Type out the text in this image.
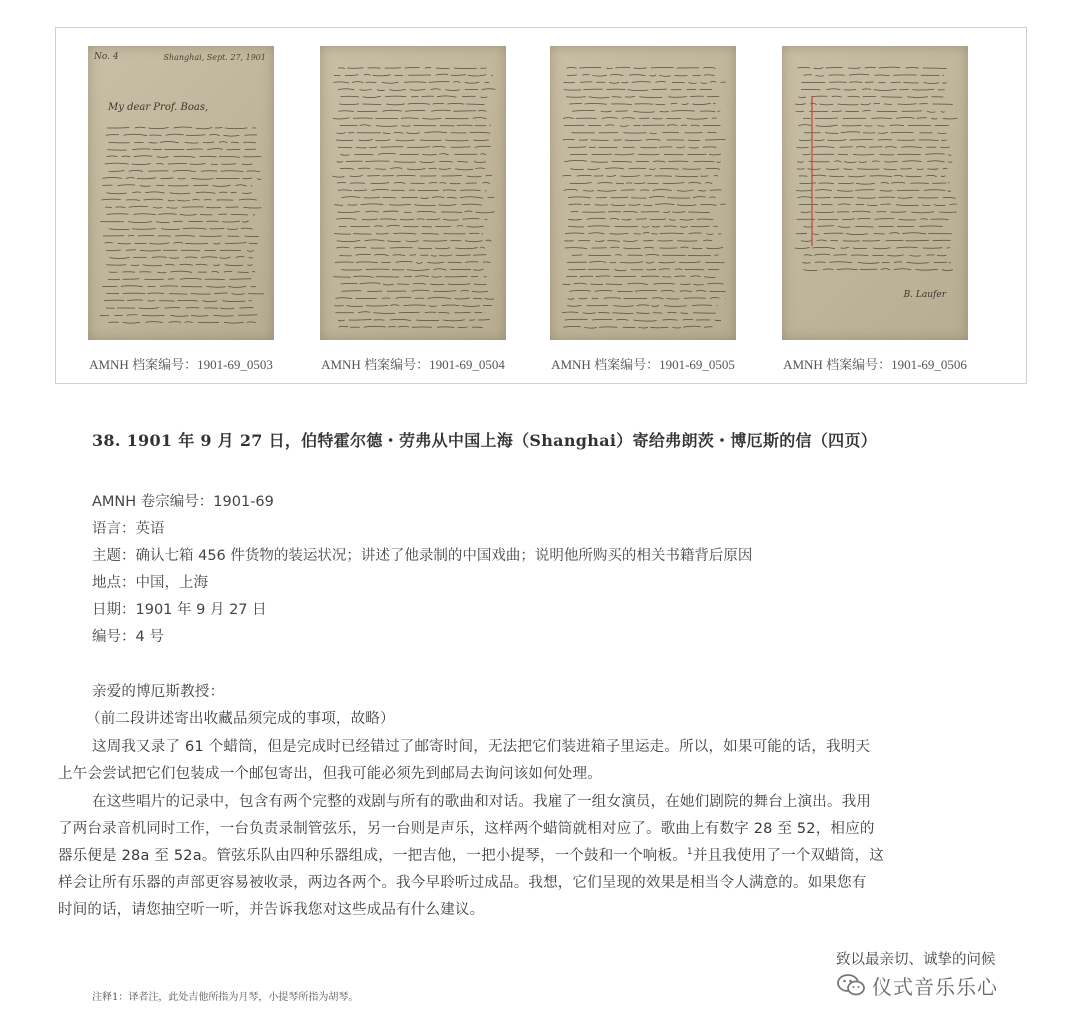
No. 4	Shanghai, Sept. 27, 1901
My dear Prof. Boas,
B. Laufer
AMNH 档案编号：1901-69_0503	AMNH 档案编号：1901-69_0504	AMNH 档案编号：1901-69_0505	AMNH 档案编号：1901-69_0506
38. 1901 年 9 月 27 日，伯特霍尔德・劳弗从中国上海（Shanghai）寄给弗朗茨・博厄斯的信（四页）
AMNH 卷宗编号：1901-69
语言：英语
主题：确认七箱 456 件货物的装运状况；讲述了他录制的中国戏曲；说明他所购买的相关书籍背后原因
地点：中国，上海
日期：1901 年 9 月 27 日
编号：4 号
亲爱的博厄斯教授：
（前二段讲述寄出收藏品须完成的事项，故略）
这周我又录了 61 个蜡筒，但是完成时已经错过了邮寄时间，无法把它们装进箱子里运走。所以，如果可能的话，我明天
上午会尝试把它们包装成一个邮包寄出，但我可能必须先到邮局去询问该如何处理。
在这些唱片的记录中，包含有两个完整的戏剧与所有的歌曲和对话。我雇了一组女演员，在她们剧院的舞台上演出。我用
了两台录音机同时工作，一台负责录制管弦乐，另一台则是声乐，这样两个蜡筒就相对应了。歌曲上有数字 28 至 52，相应的
器乐便是 28a 至 52a。管弦乐队由四种乐器组成，一把吉他，一把小提琴，一个鼓和一个响板。$^1$并且我使用了一个双蜡筒，这
样会让所有乐器的声部更容易被收录，两边各两个。我今早聆听过成品。我想，它们呈现的效果是相当令人满意的。如果您有
时间的话，请您抽空听一听，并告诉我您对这些成品有什么建议。
致以最亲切、诚挚的问候
注释1：译者注，此处吉他所指为月琴，小提琴所指为胡琴。	仪式音乐乐心
